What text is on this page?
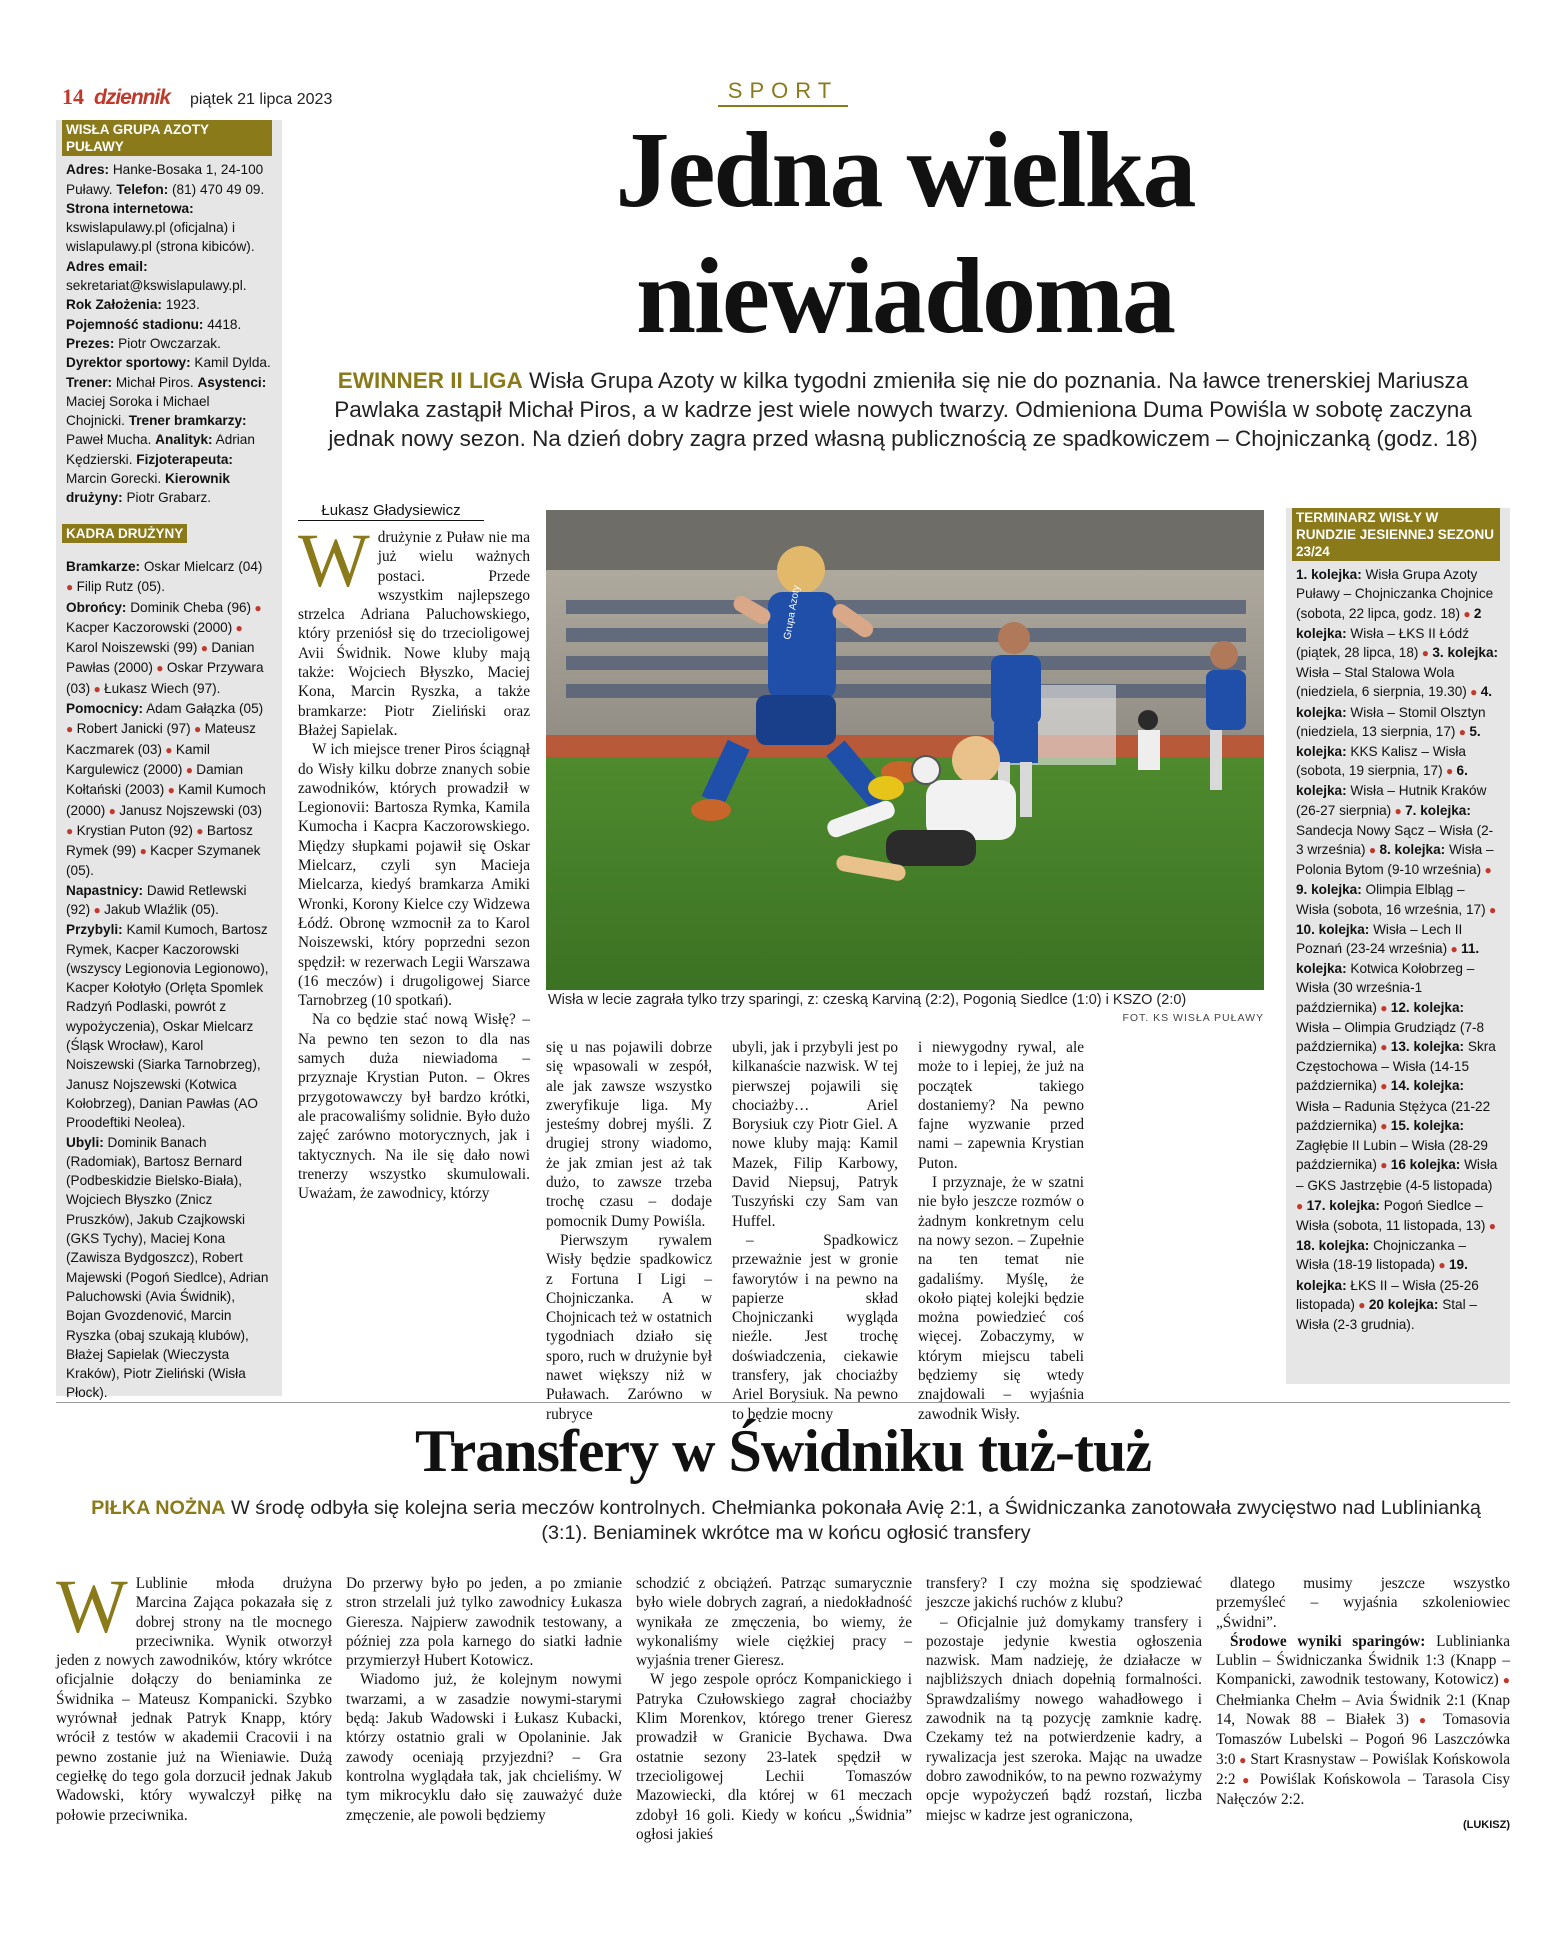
14 dziennik piątek 21 lipca 2023	SPORT
WISŁA GRUPA AZOTY PUŁAWY
Adres: Hanke-Bosaka 1, 24-100 Puławy. Telefon: (81) 470 49 09. Strona internetowa: kswislapulawy.pl (oficjalna) i wislapulawy.pl (strona kibiców). Adres email: sekretariat@kswislapulawy.pl. Rok Założenia: 1923. Pojemność stadionu: 4418. Prezes: Piotr Owczarzak. Dyrektor sportowy: Kamil Dylda. Trener: Michał Piros. Asystenci: Maciej Soroka i Michael Chojnicki. Trener bramkarzy: Paweł Mucha. Analityk: Adrian Kędzierski. Fizjoterapeuta: Marcin Gorecki. Kierownik drużyny: Piotr Grabarz.
KADRA DRUŻYNY
Bramkarze: Oskar Mielcarz (04) ● Filip Rutz (05).
Obrońcy: Dominik Cheba (96) ● Kacper Kaczorowski (2000) ● Karol Noiszewski (99) ● Danian Pawłas (2000) ● Oskar Przywara (03) ● Łukasz Wiech (97).
Pomocnicy: Adam Gałązka (05) ● Robert Janicki (97) ● Mateusz Kaczmarek (03) ● Kamil Kargulewicz (2000) ● Damian Kołtański (2003) ● Kamil Kumoch (2000) ● Janusz Nojszewski (03) ● Krystian Puton (92) ● Bartosz Rymek (99) ● Kacper Szymanek (05).
Napastnicy: Dawid Retlewski (92) ● Jakub Wlaźlik (05).
Przybyli: Kamil Kumoch, Bartosz Rymek, Kacper Kaczorowski (wszyscy Legionovia Legionowo), Kacper Kołotyło (Orlęta Spomlek Radzyń Podlaski, powrót z wypożyczenia), Oskar Mielcarz (Śląsk Wrocław), Karol Noiszewski (Siarka Tarnobrzeg), Janusz Nojszewski (Kotwica Kołobrzeg), Danian Pawłas (AO Proodeftiki Neolea).
Ubyli: Dominik Banach (Radomiak), Bartosz Bernard (Podbeskidzie Bielsko-Biała), Wojciech Błyszko (Znicz Pruszków), Jakub Czajkowski (GKS Tychy), Maciej Kona (Zawisza Bydgoszcz), Robert Majewski (Pogoń Siedlce), Adrian Paluchowski (Avia Świdnik), Bojan Gvozdenović, Marcin Ryszka (obaj szukają klubów), Błażej Sapielak (Wieczysta Kraków), Piotr Zieliński (Wisła Płock).
Jedna wielka
niewiadoma
EWINNER II LIGA Wisła Grupa Azoty w kilka tygodni zmieniła się nie do poznania. Na ławce trenerskiej Mariusza Pawlaka zastąpił Michał Piros, a w kadrze jest wiele nowych twarzy. Odmieniona Duma Powiśla w sobotę zaczyna jednak nowy sezon. Na dzień dobry zagra przed własną publicznością ze spadkowiczem – Chojniczanką (godz. 18)
Łukasz Gładysiewicz
W drużynie z Puław nie ma już wielu ważnych postaci. Przede wszystkim najlepszego strzelca Adriana Paluchowskiego, który przeniósł się do trzecioligowej Avii Świdnik. Nowe kluby mają także: Wojciech Błyszko, Maciej Kona, Marcin Ryszka, a także bramkarze: Piotr Zieliński oraz Błażej Sapielak.

W ich miejsce trener Piros ściągnął do Wisły kilku dobrze znanych sobie zawodników, których prowadził w Legionovii: Bartosza Rymka, Kamila Kumocha i Kacpra Kaczorowskiego. Między słupkami pojawił się Oskar Mielcarz, czyli syn Macieja Mielcarza, kiedyś bramkarza Amiki Wronki, Korony Kielce czy Widzewa Łódź. Obronę wzmocnił za to Karol Noiszewski, który poprzedni sezon spędził: w rezerwach Legii Warszawa (16 meczów) i drugoligowej Siarce Tarnobrzeg (10 spotkań).

Na co będzie stać nową Wisłę? – Na pewno ten sezon to dla nas samych duża niewiadoma – przyznaje Krystian Puton. – Okres przygotowawczy był bardzo krótki, ale pracowaliśmy solidnie. Było dużo zajęć zarówno motorycznych, jak i taktycznych. Na ile się dało nowi trenerzy wszystko skumulowali. Uważam, że zawodnicy, którzy

się u nas pojawili dobrze się wpasowali w zespół, ale jak zawsze wszystko zweryfikuje liga. My jesteśmy dobrej myśli. Z drugiej strony wiadomo, że jak zmian jest aż tak dużo, to zawsze trzeba trochę czasu – dodaje pomocnik Dumy Powiśla.

Pierwszym rywalem Wisły będzie spadkowicz z Fortuna I Ligi – Chojniczanka. A w Chojnicach też w ostatnich tygodniach działo się sporo, ruch w drużynie był nawet większy niż w Puławach. Zarówno w rubryce

ubyli, jak i przybyli jest po kilkanaście nazwisk. W tej pierwszej pojawili się chociażby… Ariel Borysiuk czy Piotr Giel. A nowe kluby mają: Kamil Mazek, Filip Karbowy, David Niepsuj, Patryk Tuszyński czy Sam van Huffel.

– Spadkowicz przeważnie jest w gronie faworytów i na pewno na papierze skład Chojniczanki wygląda nieźle. Jest trochę doświadczenia, ciekawie transfery, jak chociażby Ariel Borysiuk. Na pewno to będzie mocny

i niewygodny rywal, ale może to i lepiej, że już na początek takiego dostaniemy? Na pewno fajne wyzwanie przed nami – zapewnia Krystian Puton.

I przyznaje, że w szatni nie było jeszcze rozmów o żadnym konkretnym celu na nowy sezon. – Zupełnie na ten temat nie gadaliśmy. Myślę, że około piątej kolejki będzie można powiedzieć coś więcej. Zobaczymy, w którym miejscu tabeli będziemy się wtedy znajdowali – wyjaśnia zawodnik Wisły.

Grupa Azoty
Wisła w lecie zagrała tylko trzy sparingi, z: czeską Karviną (2:2), Pogonią Siedlce (1:0) i KSZO (2:0)
FOT. KS WISŁA PUŁAWY
TERMINARZ WISŁY W RUNDZIE JESIENNEJ SEZONU 23/24
1. kolejka: Wisła Grupa Azoty Puławy – Chojniczanka Chojnice (sobota, 22 lipca, godz. 18) ● 2 kolejka: Wisła – ŁKS II Łódź (piątek, 28 lipca, 18) ● 3. kolejka: Wisła – Stal Stalowa Wola (niedziela, 6 sierpnia, 19.30) ● 4. kolejka: Wisła – Stomil Olsztyn (niedziela, 13 sierpnia, 17) ● 5. kolejka: KKS Kalisz – Wisła (sobota, 19 sierpnia, 17) ● 6. kolejka: Wisła – Hutnik Kraków (26-27 sierpnia) ● 7. kolejka: Sandecja Nowy Sącz – Wisła (2-3 września) ● 8. kolejka: Wisła – Polonia Bytom (9-10 września) ● 9. kolejka: Olimpia Elbląg – Wisła (sobota, 16 września, 17) ● 10. kolejka: Wisła – Lech II Poznań (23-24 września) ● 11. kolejka: Kotwica Kołobrzeg – Wisła (30 września-1 października) ● 12. kolejka: Wisła – Olimpia Grudziądz (7-8 października) ● 13. kolejka: Skra Częstochowa – Wisła (14-15 października) ● 14. kolejka: Wisła – Radunia Stężyca (21-22 października) ● 15. kolejka: Zagłębie II Lubin – Wisła (28-29 października) ● 16 kolejka: Wisła – GKS Jastrzębie (4-5 listopada) ● 17. kolejka: Pogoń Siedlce – Wisła (sobota, 11 listopada, 13) ● 18. kolejka: Chojniczanka – Wisła (18-19 listopada) ● 19. kolejka: ŁKS II – Wisła (25-26 listopada) ● 20 kolejka: Stal – Wisła (2-3 grudnia).
Transfery w Świdniku tuż-tuż
PIŁKA NOŻNA W środę odbyła się kolejna seria meczów kontrolnych. Chełmianka pokonała Avię 2:1, a Świdniczanka zanotowała zwycięstwo nad Lublinianką (3:1). Beniaminek wkrótce ma w końcu ogłosić transfery
W Lublinie młoda drużyna Marcina Zająca pokazała się z dobrej strony na tle mocnego przeciwnika. Wynik otworzył jeden z nowych zawodników, który wkrótce oficjalnie dołączy do beniaminka ze Świdnika – Mateusz Kompanicki. Szybko wyrównał jednak Patryk Knapp, który wrócił z testów w akademii Cracovii i na pewno zostanie już na Wieniawie. Dużą cegiełkę do tego gola dorzucił jednak Jakub Wadowski, który wywalczył piłkę na połowie przeciwnika.

Do przerwy było po jeden, a po zmianie stron strzelali już tylko zawodnicy Łukasza Gieresza. Najpierw zawodnik testowany, a później zza pola karnego do siatki ładnie przymierzył Hubert Kotowicz.

Wiadomo już, że kolejnym nowymi twarzami, a w zasadzie nowymi-starymi będą: Jakub Wadowski i Łukasz Kubacki, którzy ostatnio grali w Opolaninie. Jak zawody oceniają przyjezdni? – Gra kontrolna wyglądała tak, jak chcieliśmy. W tym mikrocyklu dało się zauważyć duże zmęczenie, ale powoli będziemy

schodzić z obciążeń. Patrząc sumarycznie było wiele dobrych zagrań, a niedokładność wynikała ze zmęczenia, bo wiemy, że wykonaliśmy wiele ciężkiej pracy – wyjaśnia trener Gieresz.

W jego zespole oprócz Kompanickiego i Patryka Czułowskiego zagrał chociażby Klim Morenkov, którego trener Gieresz prowadził w Granicie Bychawa. Dwa ostatnie sezony 23-latek spędził w trzecioligowej Lechii Tomaszów Mazowiecki, dla której w 61 meczach zdobył 16 goli. Kiedy w końcu „Świdnia” ogłosi jakieś

transfery? I czy można się spodziewać jeszcze jakichś ruchów z klubu?

– Oficjalnie już domykamy transfery i pozostaje jedynie kwestia ogłoszenia nazwisk. Mam nadzieję, że działacze w najbliższych dniach dopełnią formalności. Sprawdzaliśmy nowego wahadłowego i zawodnik na tą pozycję zamknie kadrę. Czekamy też na potwierdzenie kadry, a rywalizacja jest szeroka. Mając na uwadze dobro zawodników, to na pewno rozważymy opcje wypożyczeń bądź rozstań, liczba miejsc w kadrze jest ograniczona,

dlatego musimy jeszcze wszystko przemyśleć – wyjaśnia szkoleniowiec „Świdni”.

Środowe wyniki sparingów: Lublinianka Lublin – Świdniczanka Świdnik 1:3 (Knapp – Kompanicki, zawodnik testowany, Kotowicz) ● Chełmianka Chełm – Avia Świdnik 2:1 (Knap 14, Nowak 88 – Białek 3) ● Tomasovia Tomaszów Lubelski – Pogoń 96 Laszczówka 3:0 ● Start Krasnystaw – Powiślak Końskowola 2:2 ● Powiślak Końskowola – Tarasola Cisy Nałęczów 2:2.

(LUKISZ)
